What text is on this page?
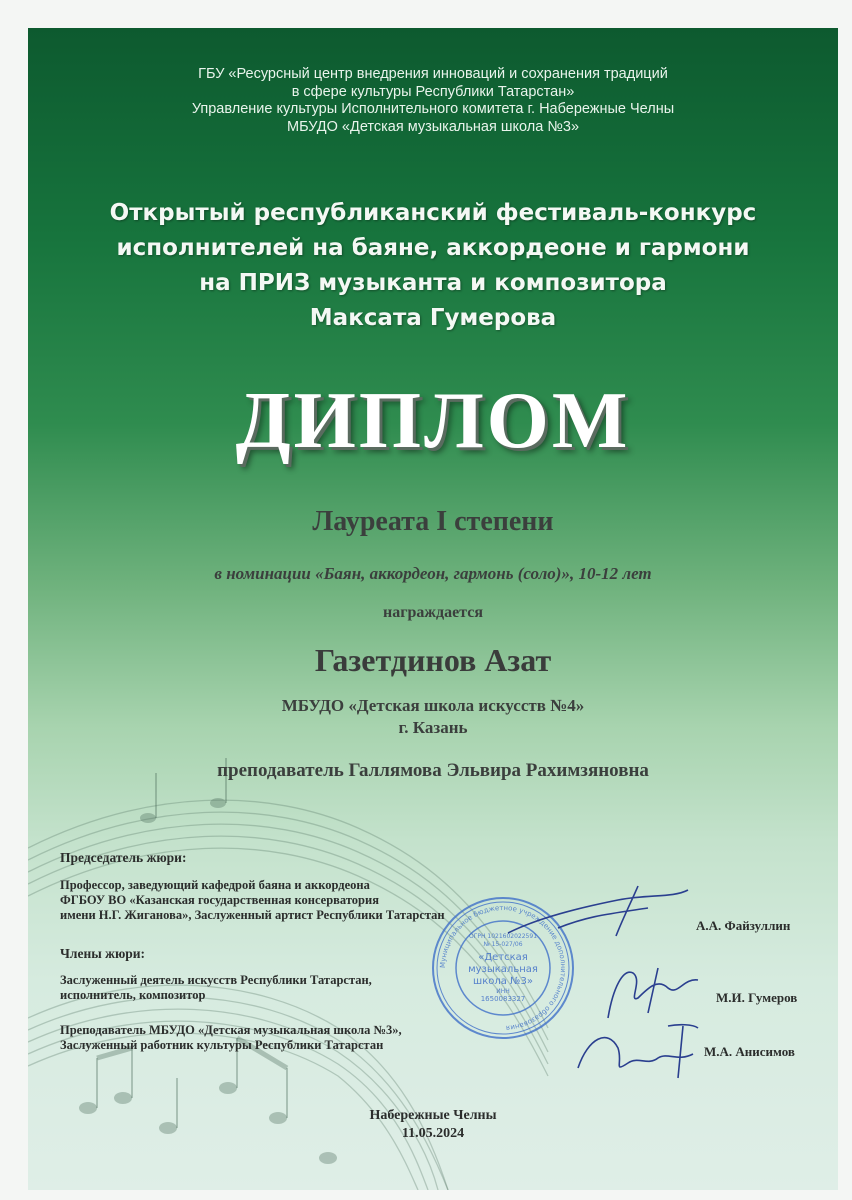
ГБУ «Ресурсный центр внедрения инноваций и сохранения традиций
в сфере культуры Республики Татарстан»
Управление культуры Исполнительного комитета г. Набережные Челны
МБУДО «Детская музыкальная школа №3»
Открытый республиканский фестиваль-конкурс
исполнителей на баяне, аккордеоне и гармони
на ПРИЗ музыканта и композитора
Максата Гумерова
ДИПЛОМ
Лауреата I степени
в номинации «Баян, аккордеон, гармонь (соло)», 10-12 лет
награждается
Газетдинов Азат
МБУДО «Детская школа искусств №4»
г. Казань
преподаватель Галлямова Эльвира Рахимзяновна
Председатель жюри:
Профессор, заведующий кафедрой баяна и аккордеона
ФГБОУ ВО «Казанская государственная консерватория
имени Н.Г. Жиганова», Заслуженный артист Республики Татарстан
А.А. Файзуллин
Члены жюри:
Заслуженный деятель искусств Республики Татарстан,
исполнитель, композитор	М.И. Гумеров
Преподаватель МБУДО «Детская музыкальная школа №3»,
Заслуженный работник культуры Республики Татарстан	М.А. Анисимов
Муниципальное бюджетное учреждение дополнительного образования
ОГРН 1021602022591
№ 15-027/06
«Детская
музыкальная
школа №3»
ИНН
1650083327
Набережные Челны
11.05.2024
